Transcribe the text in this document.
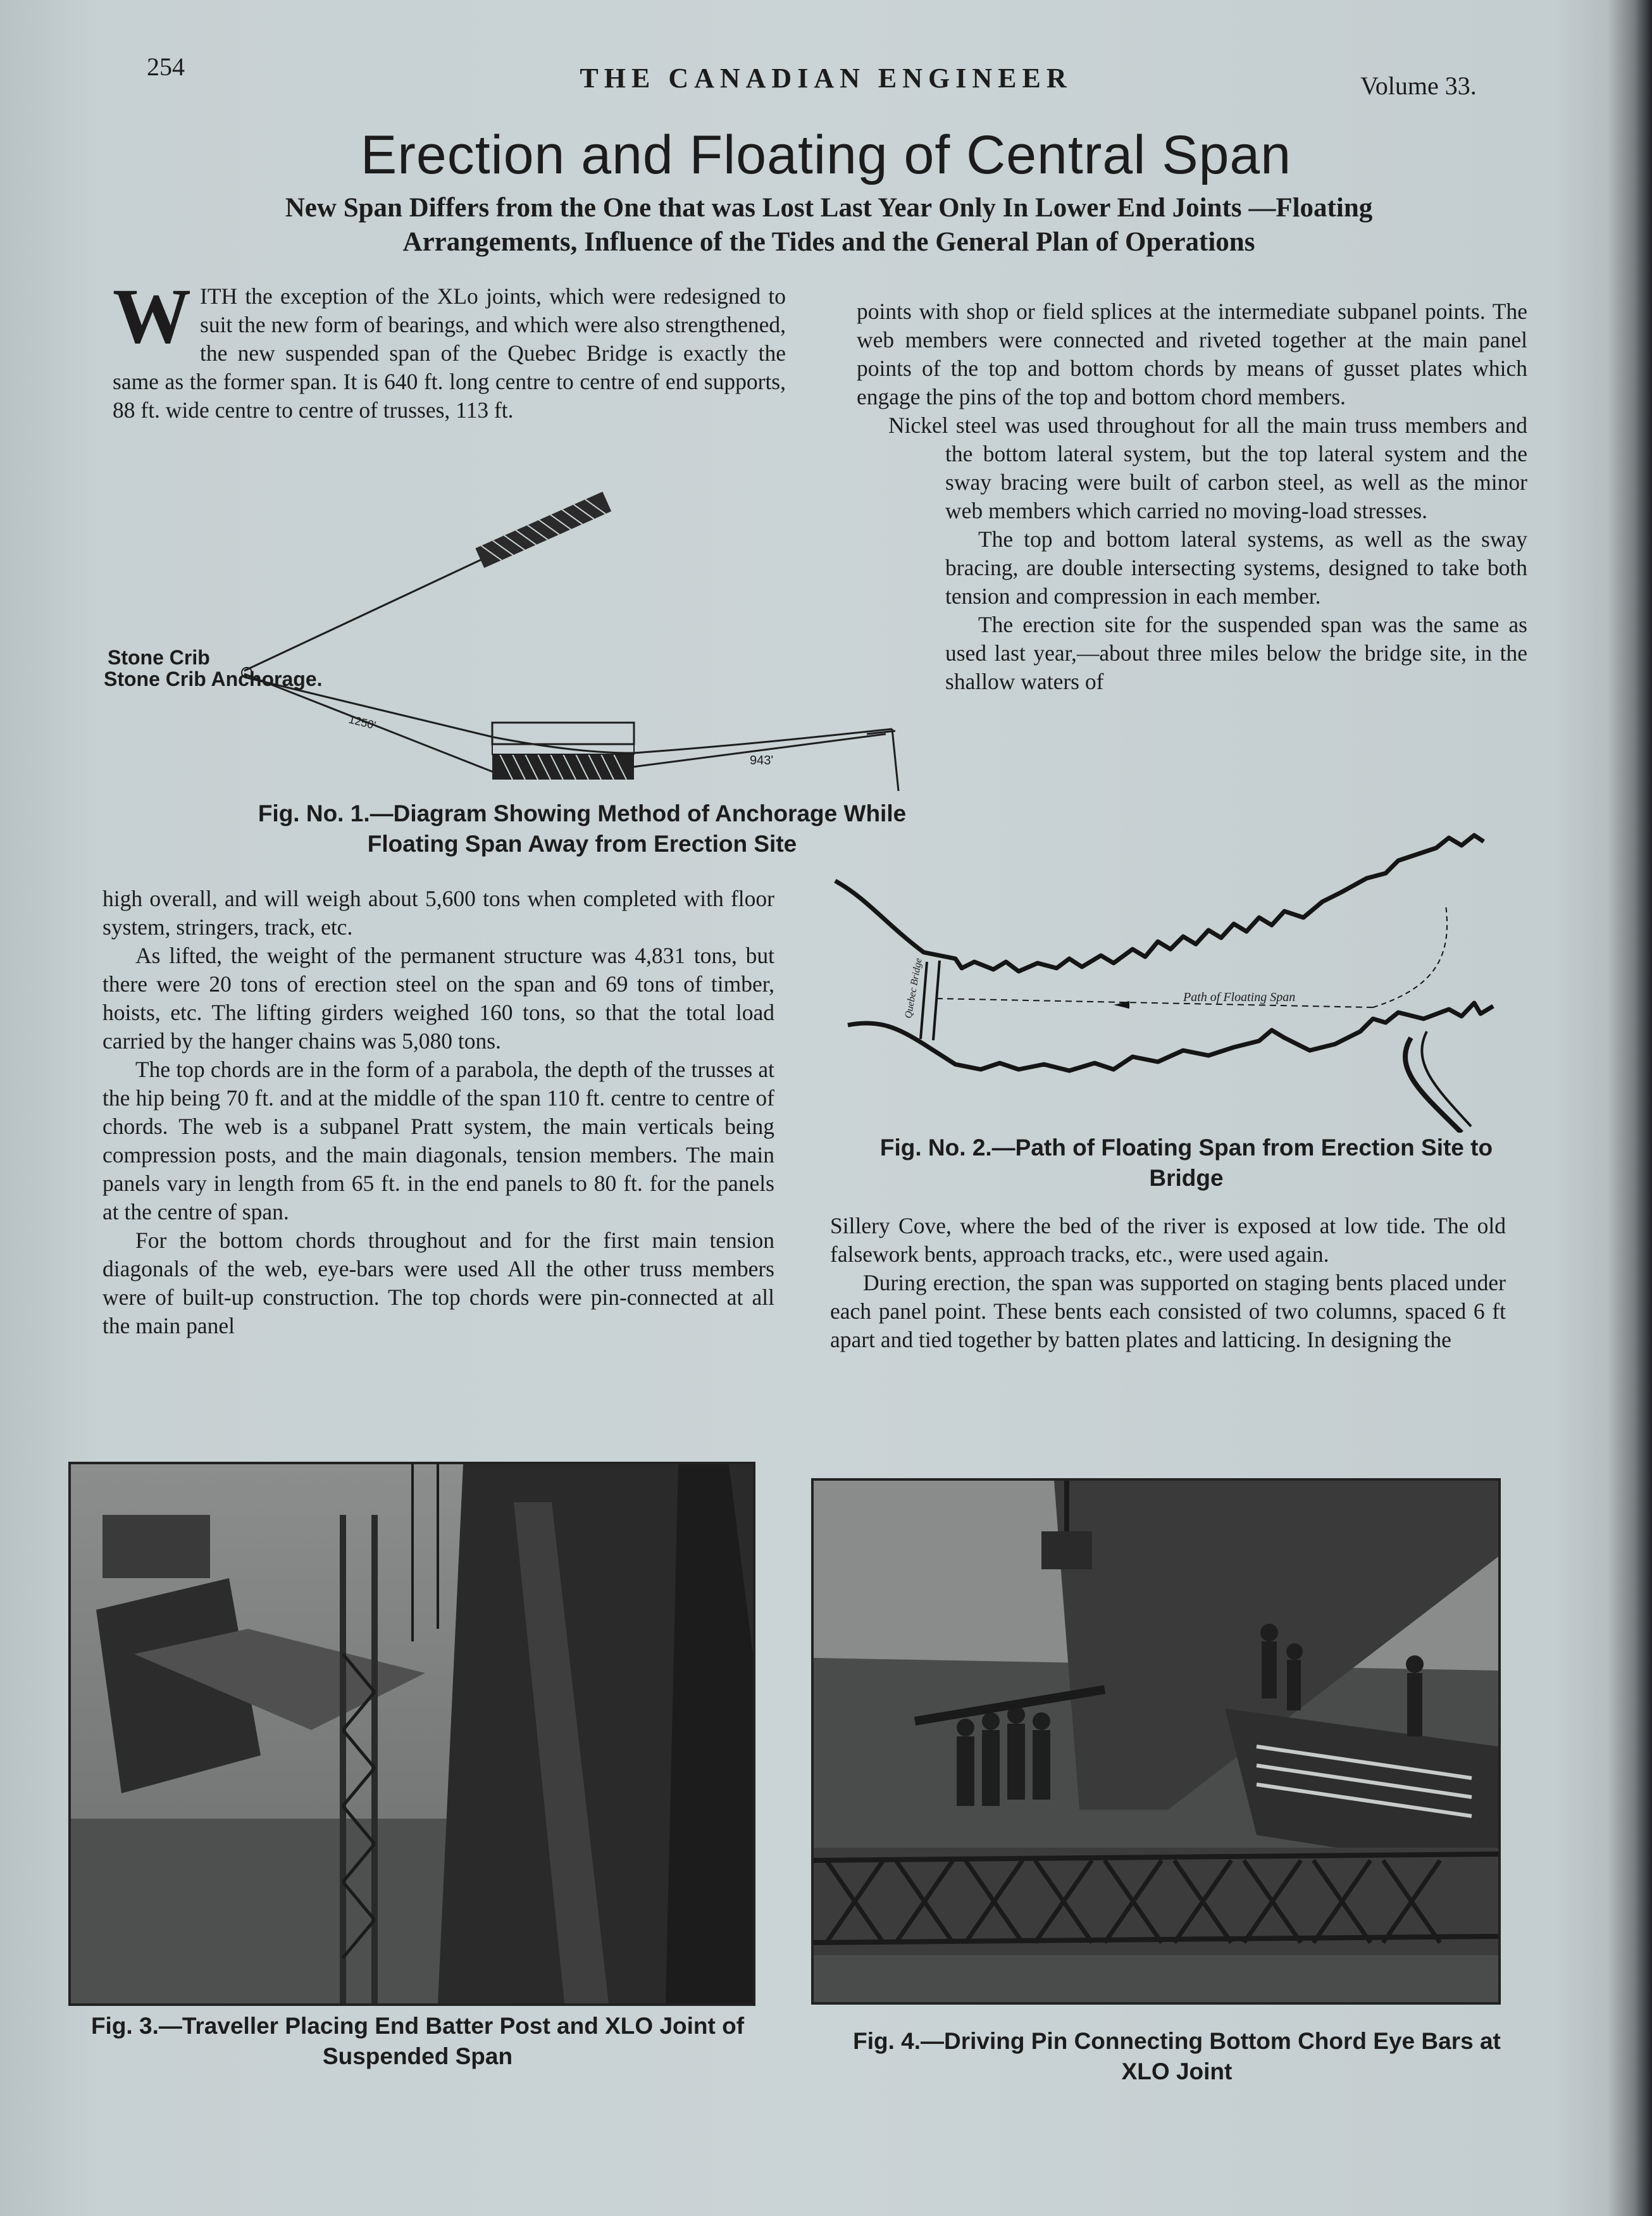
254	THE CANADIAN ENGINEER	Volume 33.
Erection and Floating of Central Span
New Span Differs from the One that was Lost Last Year Only In Lower End Joints —Floating Arrangements, Influence of the Tides and the General Plan of Operations

WITH the exception of the XLo joints, which were redesigned to suit the new form of bearings, and which were also strengthened, the new suspended span of the Quebec Bridge is exactly the same as the former span. It is 640 ft. long centre to centre of end supports, 88 ft. wide centre to centre of trusses, 113 ft.

points with shop or field splices at the intermediate subpanel points. The web members were connected and riveted together at the main panel points of the top and bottom chords by means of gusset plates which engage the pins of the top and bottom chord members.

Nickel steel was used throughout for all the main truss members and the bottom lateral system, but the top lateral system and the sway bracing were built of carbon steel, as well as the minor web members which carried no moving-load stresses.

The top and bottom lateral systems, as well as the sway bracing, are double intersecting systems, designed to take both tension and compression in each member.

The erection site for the suspended span was the same as used last year,—about three miles below the bridge site, in the shallow waters of

Stone Crib
Stone Crib Anchorage.
1250'
943'
Fig. No. 1.—Diagram Showing Method of Anchorage While Floating Span Away from Erection Site

high overall, and will weigh about 5,600 tons when completed with floor system, stringers, track, etc.

As lifted, the weight of the permanent structure was 4,831 tons, but there were 20 tons of erection steel on the span and 69 tons of timber, hoists, etc. The lifting girders weighed 160 tons, so that the total load carried by the hanger chains was 5,080 tons.

The top chords are in the form of a parabola, the depth of the trusses at the hip being 70 ft. and at the middle of the span 110 ft. centre to centre of chords. The web is a subpanel Pratt system, the main verticals being compression posts, and the main diagonals, tension members. The main panels vary in length from 65 ft. in the end panels to 80 ft. for the panels at the centre of span.

For the bottom chords throughout and for the first main tension diagonals of the web, eye-bars were used All the other truss members were of built-up construction. The top chords were pin-connected at all the main panel

Path of Floating Span
Quebec Bridge
Fig. No. 2.—Path of Floating Span from Erection Site to Bridge

Sillery Cove, where the bed of the river is exposed at low tide. The old falsework bents, approach tracks, etc., were used again.

During erection, the span was supported on staging bents placed under each panel point. These bents each consisted of two columns, spaced 6 ft apart and tied together by batten plates and latticing. In designing the

Fig. 3.—Traveller Placing End Batter Post and XLO Joint of Suspended Span
Fig. 4.—Driving Pin Connecting Bottom Chord Eye Bars at XLO Joint
